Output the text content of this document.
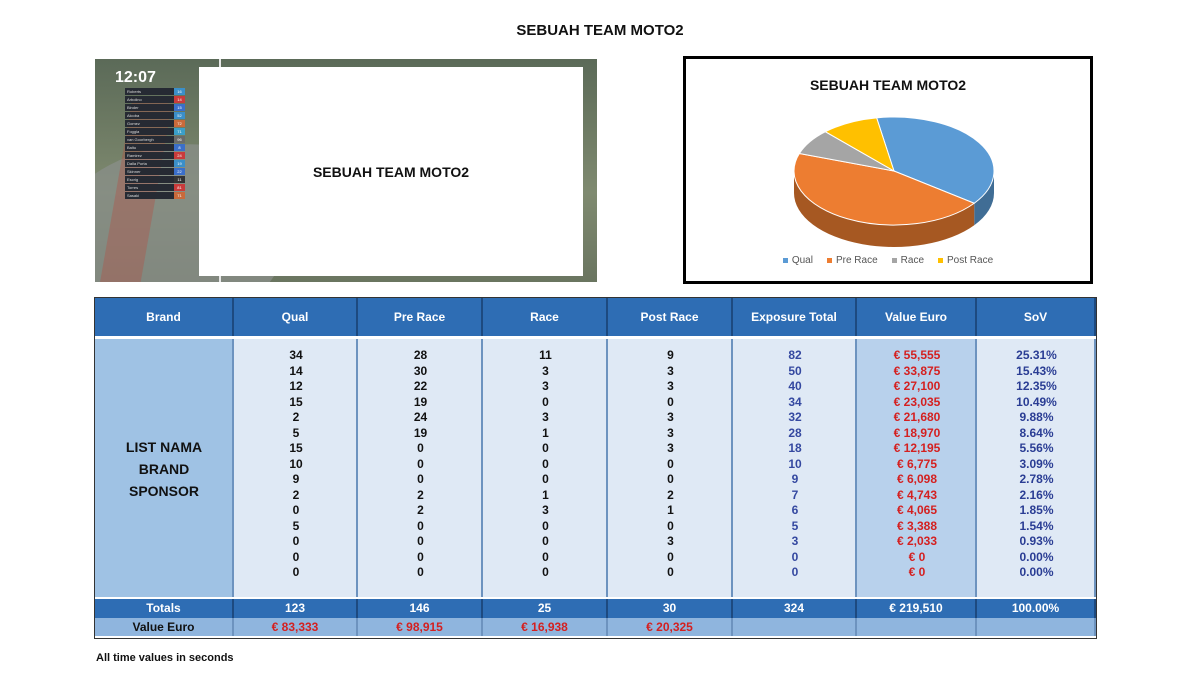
SEBUAH TEAM MOTO2
12:07
Roberts	16
Arbolino	14
Binder	15
Alcoba	52
Gomez	72
Foggia	71
van Goorbergh	96
Baltu	8
Ramirez	24
Dalla Porta	19
Skinner	22
Escrig	11
Torres	81
Sasaki	71
SEBUAH TEAM MOTO2
SEBUAH TEAM MOTO2
Qual Pre Race Race Post Race
LIST NAMA
BRAND
SPONSOR
Brand	Qual	Pre Race	Race	Post Race	Exposure Total	Value Euro	SoV
34	28	11	9	82	€ 55,555	25.31%
14	30	3	3	50	€ 33,875	15.43%
12	22	3	3	40	€ 27,100	12.35%
15	19	0	0	34	€ 23,035	10.49%
2	24	3	3	32	€ 21,680	9.88%
5	19	1	3	28	€ 18,970	8.64%
15	0	0	3	18	€ 12,195	5.56%
10	0	0	0	10	€ 6,775	3.09%
9	0	0	0	9	€ 6,098	2.78%
2	2	1	2	7	€ 4,743	2.16%
0	2	3	1	6	€ 4,065	1.85%
5	0	0	0	5	€ 3,388	1.54%
0	0	0	3	3	€ 2,033	0.93%
0	0	0	0	0	€ 0	0.00%
0	0	0	0	0	€ 0	0.00%
Totals	123	146	25	30	324	€ 219,510	100.00%
Value Euro	€ 83,333	€ 98,915	€ 16,938	€ 20,325
All time values in seconds
